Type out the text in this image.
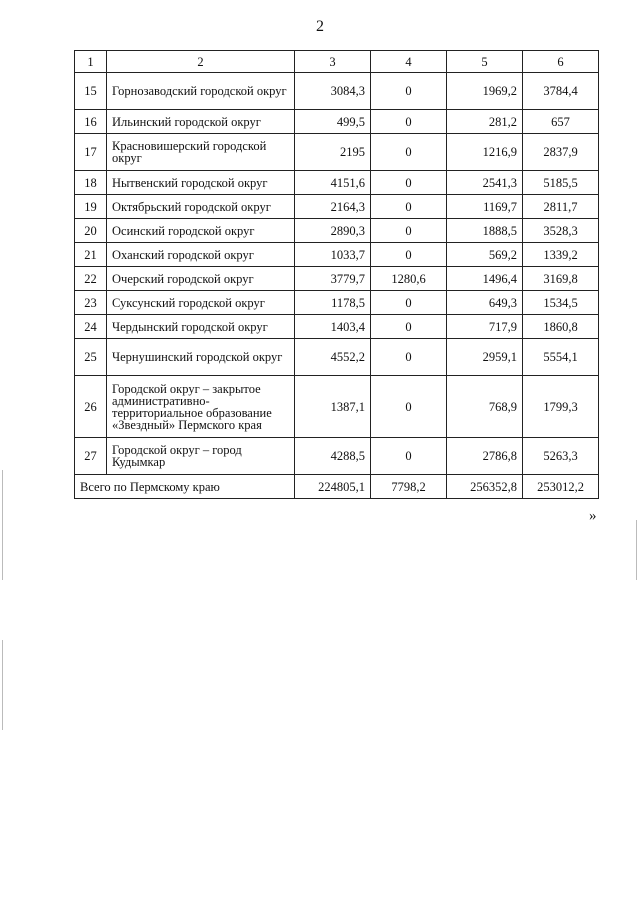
2
1	2	3	4	5	6
15	Горнозаводский городской округ	3084,3	0	1969,2	3784,4
16	Ильинский городской округ	499,5	0	281,2	657
17	Красновишерский городской округ	2195	0	1216,9	2837,9
18	Нытвенский городской округ	4151,6	0	2541,3	5185,5
19	Октябрьский городской округ	2164,3	0	1169,7	2811,7
20	Осинский городской округ	2890,3	0	1888,5	3528,3
21	Оханский городской округ	1033,7	0	569,2	1339,2
22	Очерский городской округ	3779,7	1280,6	1496,4	3169,8
23	Суксунский городской округ	1178,5	0	649,3	1534,5
24	Чердынский городской округ	1403,4	0	717,9	1860,8
25	Чернушинский городской округ	4552,2	0	2959,1	5554,1
26	Городской округ – закрытое административно-территориальное образование «Звездный» Пермского края	1387,1	0	768,9	1799,3
27	Городской округ – город Кудымкар	4288,5	0	2786,8	5263,3
Всего по Пермскому краю		224805,1	7798,2	256352,8	253012,2
»
